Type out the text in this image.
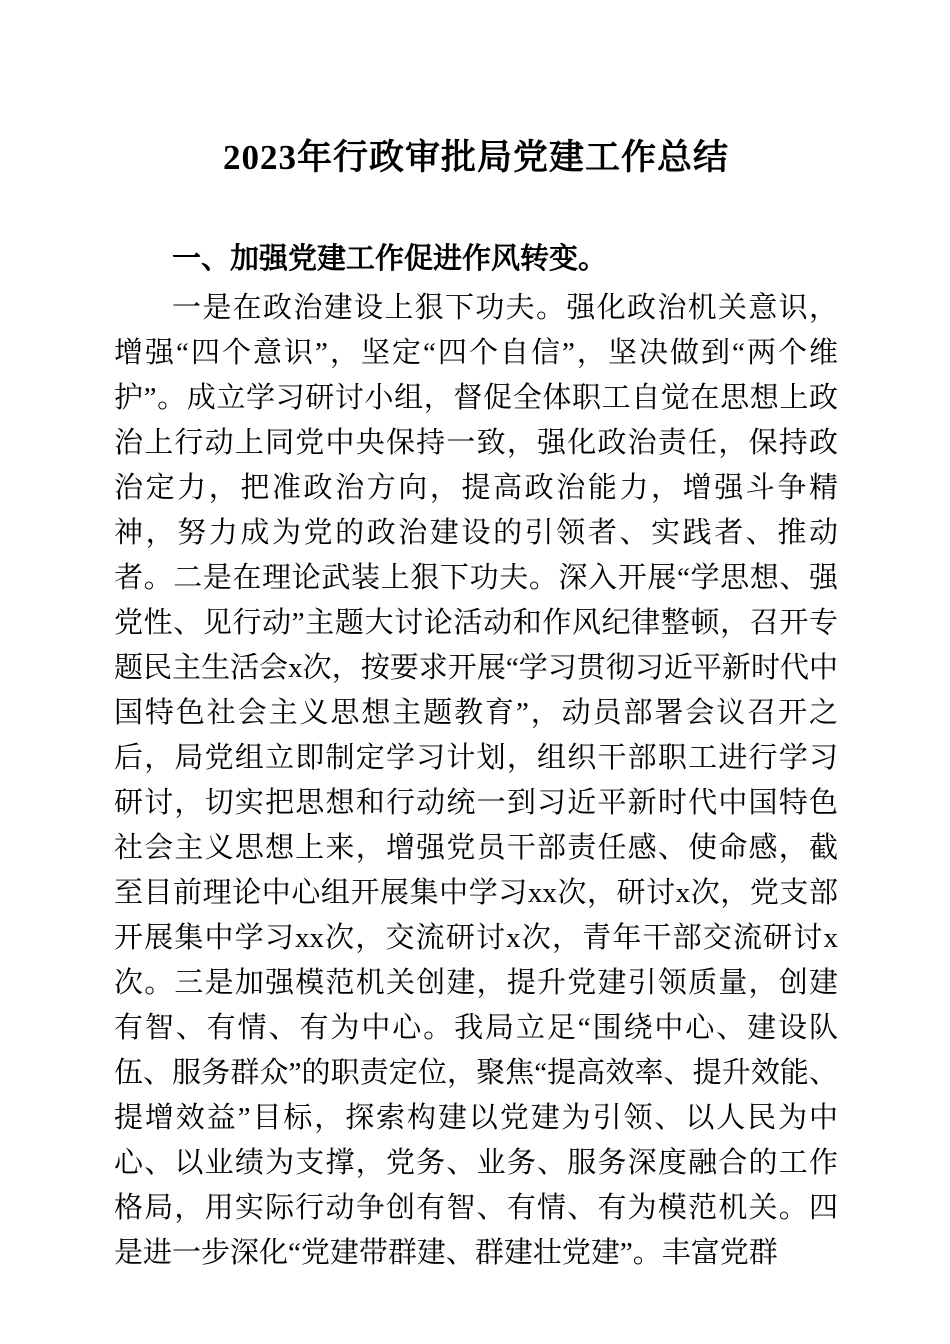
2023年行政审批局党建工作总结
一、加强党建工作促进作风转变。

一是在政治建设上狠下功夫。强化政治机关意识，增强“四个意识”，坚定“四个自信”，坚决做到“两个维护”。成立学习研讨小组，督促全体职工自觉在思想上政治上行动上同党中央保持一致，强化政治责任，保持政治定力，把准政治方向，提高政治能力，增强斗争精神，努力成为党的政治建设的引领者、实践者、推动者。二是在理论武装上狠下功夫。深入开展“学思想、强党性、见行动”主题大讨论活动和作风纪律整顿，召开专题民主生活会x次，按要求开展“学习贯彻习近平新时代中国特色社会主义思想主题教育”，动员部署会议召开之后，局党组立即制定学习计划，组织干部职工进行学习研讨，切实把思想和行动统一到习近平新时代中国特色社会主义思想上来，增强党员干部责任感、使命感，截至目前理论中心组开展集中学习xx次，研讨x次，党支部开展集中学习xx次，交流研讨x次，青年干部交流研讨x次。三是加强模范机关创建，提升党建引领质量，创建有智、有情、有为中心。我局立足“围绕中心、建设队伍、服务群众”的职责定位，聚焦“提高效率、提升效能、提增效益”目标，探索构建以党建为引领、以人民为中心、以业绩为支撑，党务、业务、服务深度融合的工作格局，用实际行动争创有智、有情、有为模范机关。四是进一步深化“党建带群建、群建壮党建”。丰富党群
